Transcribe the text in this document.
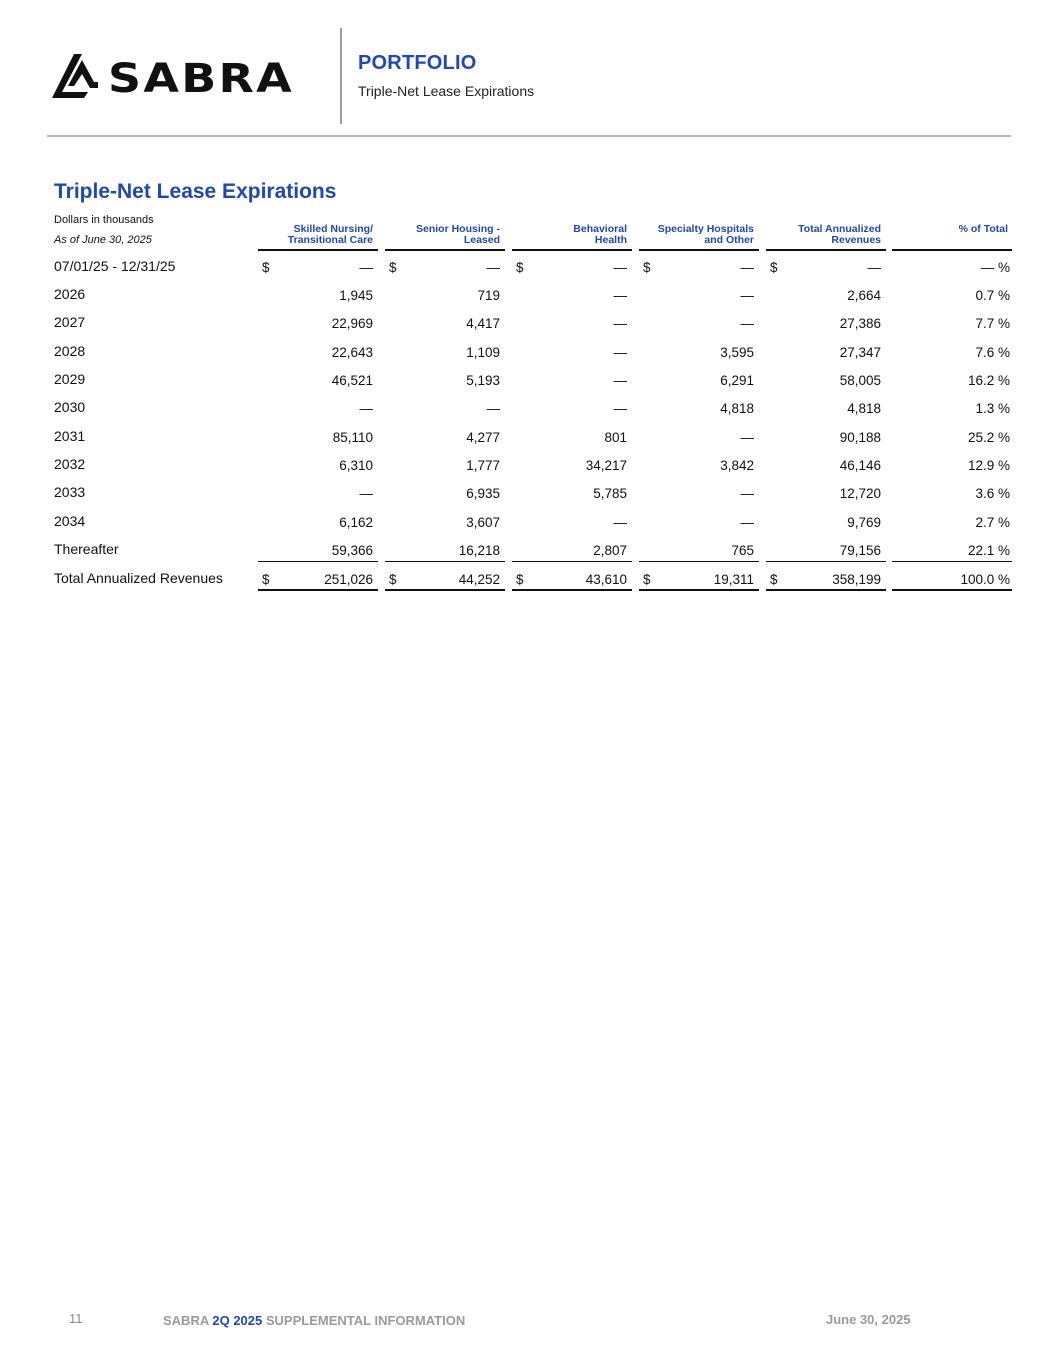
SABRA	PORTFOLIO
Triple-Net Lease Expirations
Triple-Net Lease Expirations
Dollars in thousands
As of June 30, 2025
Skilled Nursing/
Transitional Care
Senior Housing -
Leased
Behavioral
Health
Specialty Hospitals
and Other
Total Annualized
Revenues
% of Total
07/01/25 - 12/31/25	$	— $	— $	— $	— $	—	— %
2026	1,945	719	—	—	2,664	0.7 %
2027	22,969	4,417	—	—	27,386	7.7 %
2028	22,643	1,109	—	3,595	27,347	7.6 %
2029	46,521	5,193	—	6,291	58,005	16.2 %
2030	—	—	—	4,818	4,818	1.3 %
2031	85,110	4,277	801	—	90,188	25.2 %
2032	6,310	1,777	34,217	3,842	46,146	12.9 %
2033	—	6,935	5,785	—	12,720	3.6 %
2034	6,162	3,607	—	—	9,769	2.7 %
Thereafter	59,366	16,218	2,807	765	79,156	22.1 %
Total Annualized Revenues	$	251,026 $	44,252 $	43,610 $	19,311 $	358,199	100.0 %
11	SABRA 2Q 2025 SUPPLEMENTAL INFORMATION	June 30, 2025
